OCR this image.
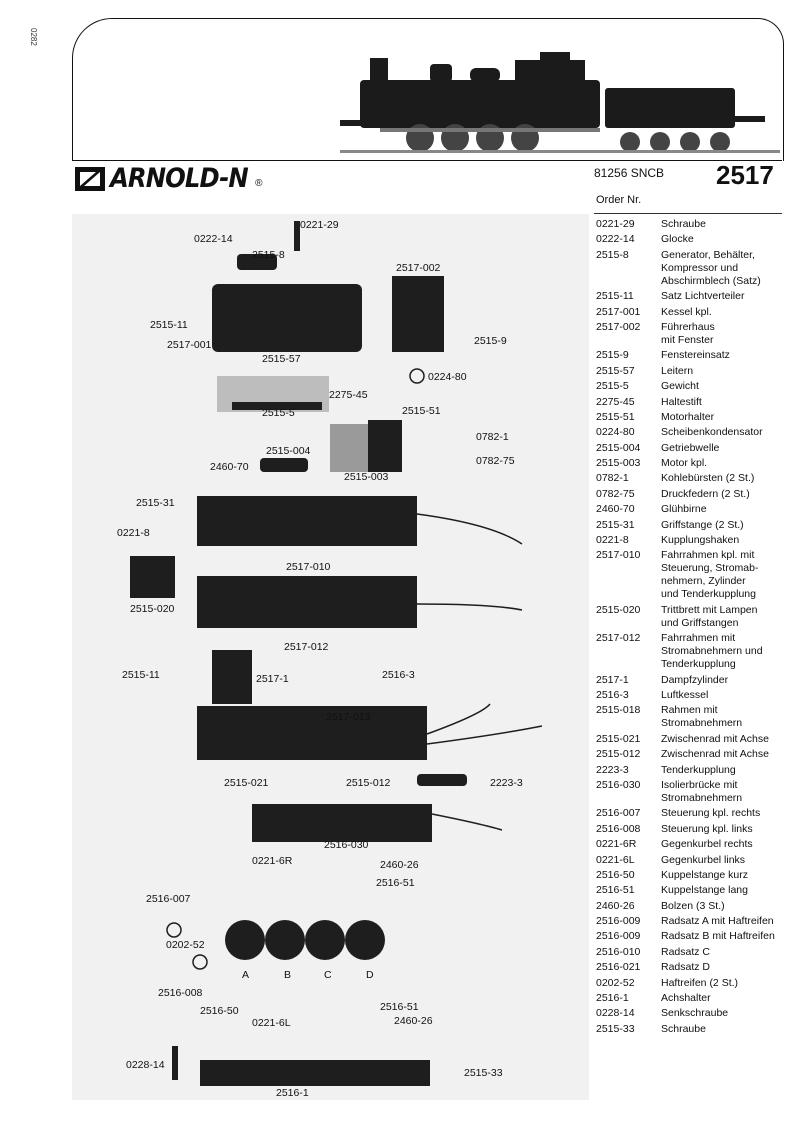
0282
ARNOLD-N ®
81256 SNCB 2517
0221-29
0222-14
2515-8
2517-002
2515-11
2517-001
2515-57
2515-9
0224-80
2275-45
2515-5	2515-51
2515-004
0782-1
0782-75
2460-70
2515-003
2515-31
0221-8
2517-010
2515-020
2517-012
2515-11	2517-1	2516-3
2517-013
2515-021	2515-012	2223-3
2516-030
0221-6R	2460-26
2516-51
2516-007
0202-52
A	B	C	D
2516-008
2516-51
2516-50
0221-6L	2460-26
0228-14
2515-33
2516-1
Order Nr.
0221-29	Schraube
0222-14	Glocke
2515-8	Generator, Behälter,
Kompressor und
Abschirmblech (Satz)
2515-11	Satz Lichtverteiler
2517-001	Kessel kpl.
2517-002	Führerhaus
mit Fenster
2515-9	Fenstereinsatz
2515-57	Leitern
2515-5	Gewicht
2275-45	Haltestift
2515-51	Motorhalter
0224-80	Scheibenkondensator
2515-004	Getriebwelle
2515-003	Motor kpl.
0782-1	Kohlebürsten (2 St.)
0782-75	Druckfedern (2 St.)
2460-70	Glühbirne
2515-31	Griffstange (2 St.)
0221-8	Kupplungshaken
2517-010	Fahrrahmen kpl. mit
Steuerung, Stromab-
nehmern, Zylinder
und Tenderkupplung
2515-020	Trittbrett mit Lampen
und Griffstangen
2517-012	Fahrrahmen mit
Stromabnehmern und
Tenderkupplung
2517-1	Dampfzylinder
2516-3	Luftkessel
2515-018	Rahmen mit
Stromabnehmern
2515-021	Zwischenrad mit Achse
2515-012	Zwischenrad mit Achse
2223-3	Tenderkupplung
2516-030	Isolierbrücke mit
Stromabnehmern
2516-007	Steuerung kpl. rechts
2516-008	Steuerung kpl. links
0221-6R	Gegenkurbel rechts
0221-6L	Gegenkurbel links
2516-50	Kuppelstange kurz
2516-51	Kuppelstange lang
2460-26	Bolzen (3 St.)
2516-009	Radsatz A mit Haftreifen
2516-009	Radsatz B mit Haftreifen
2516-010	Radsatz C
2516-021	Radsatz D
0202-52	Haftreifen (2 St.)
2516-1	Achshalter
0228-14	Senkschraube
2515-33	Schraube
